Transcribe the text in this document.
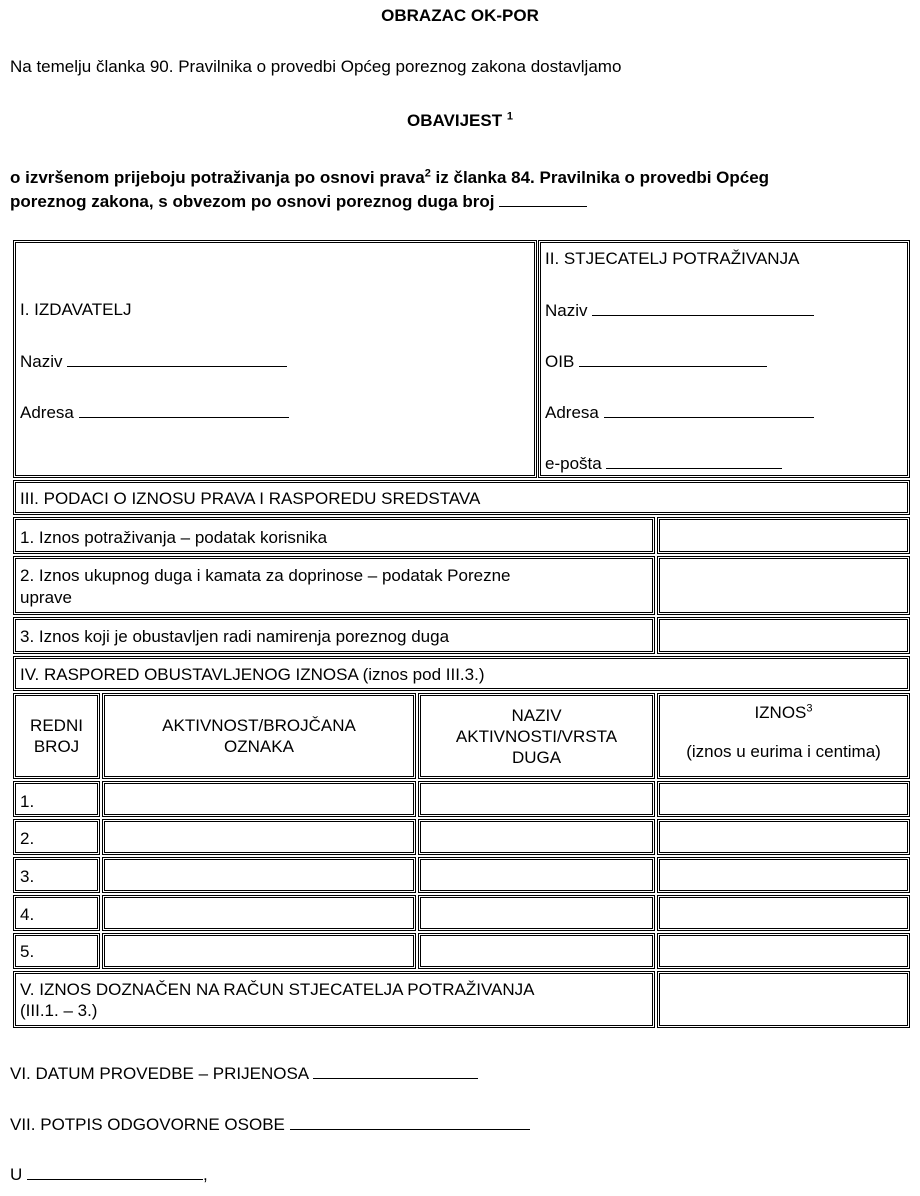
OBRAZAC OK-POR
Na temelju članka 90. Pravilnika o provedbi Općeg poreznog zakona dostavljamo
OBAVIJEST $^1$
o izvršenom prijeboju potraživanja po osnovi prava$^2$ iz članka 84. Pravilnika o provedbi Općeg
poreznog zakona, s obvezom po osnovi poreznog duga broj
I. IZDAVATELJ
Naziv
Adresa
II. STJECATELJ POTRAŽIVANJA
Naziv
OIB
Adresa
e-pošta
III. PODACI O IZNOSU PRAVA I RASPOREDU SREDSTAVA
1. Iznos potraživanja – podatak korisnika
2. Iznos ukupnog duga i kamata za doprinose – podatak Porezne
uprave
3. Iznos koji je obustavljen radi namirenja poreznog duga
IV. RASPORED OBUSTAVLJENOG IZNOSA (iznos pod III.3.)
REDNI
BROJ
AKTIVNOST/BROJČANA
OZNAKA
NAZIV
AKTIVNOSTI/VRSTA
DUGA
IZNOS$^3$
(iznos u eurima i centima)
1.
2.
3.
4.
5.
V. IZNOS DOZNAČEN NA RAČUN STJECATELJA POTRAŽIVANJA
(III.1. – 3.)
VI. DATUM PROVEDBE – PRIJENOSA
VII. POTPIS ODGOVORNE OSOBE
U	,
